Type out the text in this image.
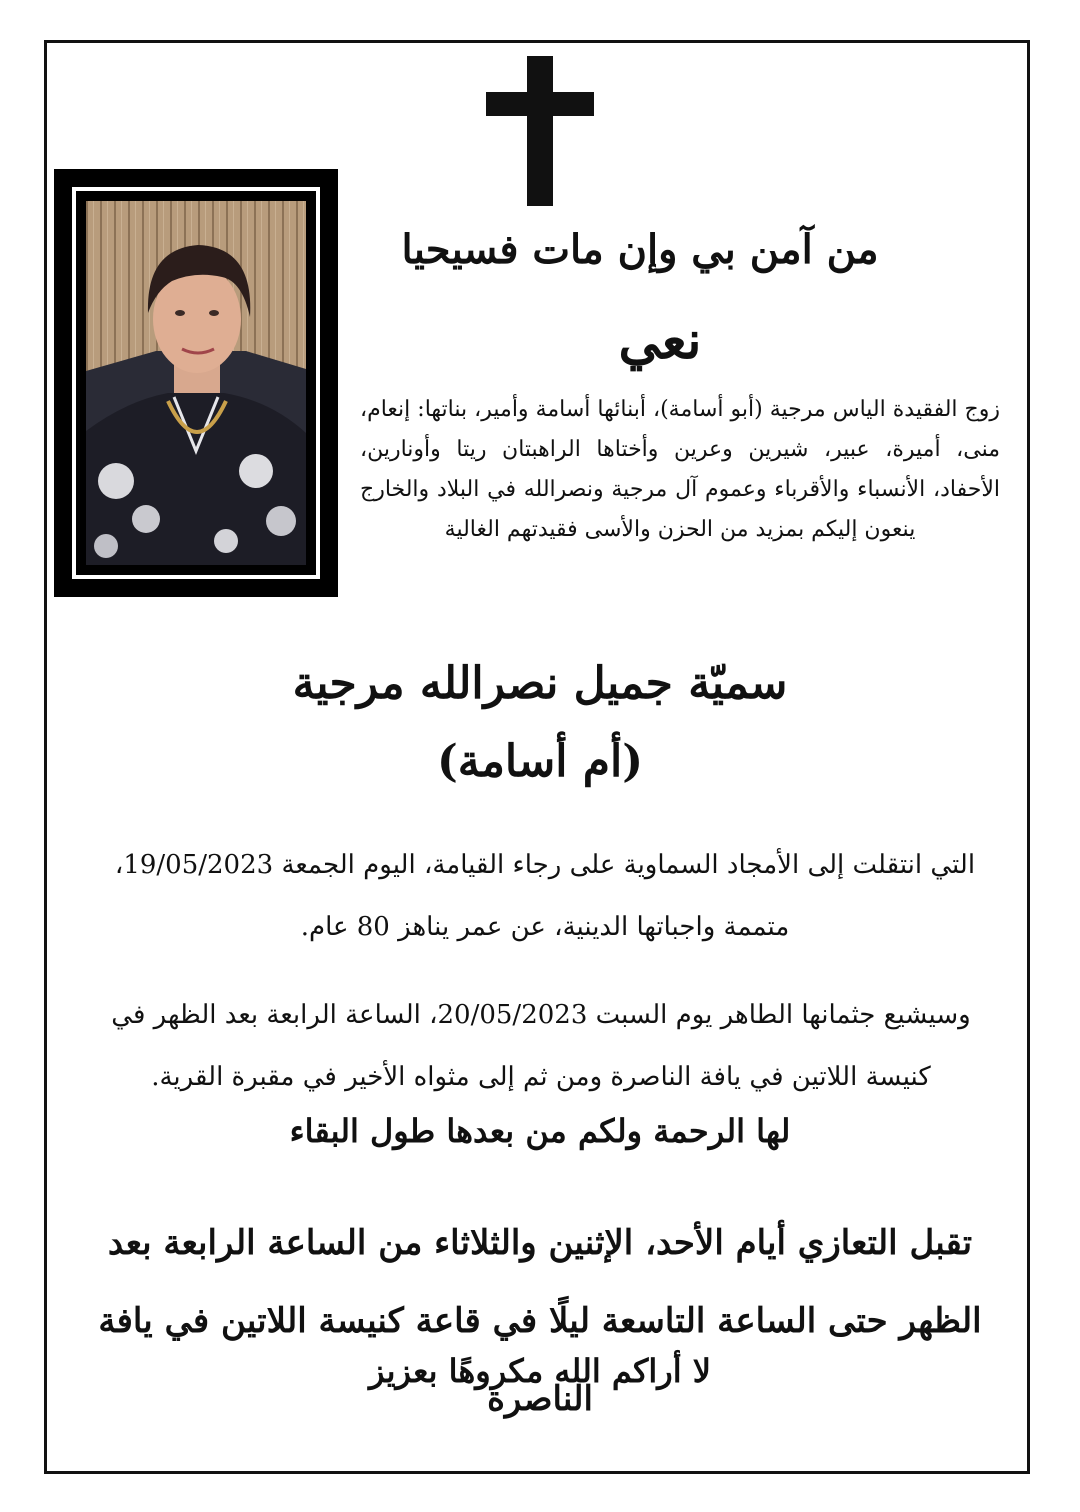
من آمن بي وإن مات فسيحيا

نعي

زوج الفقيدة الياس مرجية (أبو أسامة)، أبنائها أسامة وأمير، بناتها: إنعام، منى، أميرة، عبير، شيرين وعرين وأختاها الراهبتان ريتا وأونارين، الأحفاد، الأنسباء والأقرباء وعموم آل مرجية ونصرالله في البلاد والخارج ينعون إليكم بمزيد من الحزن والأسى فقيدتهم الغالية

سميّة جميل نصرالله مرجية

(أم أسامة)

التي انتقلت إلى الأمجاد السماوية على رجاء القيامة، اليوم الجمعة 19/05/2023، متممة واجباتها الدينية، عن عمر يناهز 80 عام.

وسيشيع جثمانها الطاهر يوم السبت 20/05/2023، الساعة الرابعة بعد الظهر في كنيسة اللاتين في يافة الناصرة ومن ثم إلى مثواه الأخير في مقبرة القرية.

لها الرحمة ولكم من بعدها طول البقاء

تقبل التعازي أيام الأحد، الإثنين والثلاثاء من الساعة الرابعة بعد الظهر حتى الساعة التاسعة ليلًا في قاعة كنيسة اللاتين في يافة الناصرة

لا أراكم الله مكروهًا بعزيز
